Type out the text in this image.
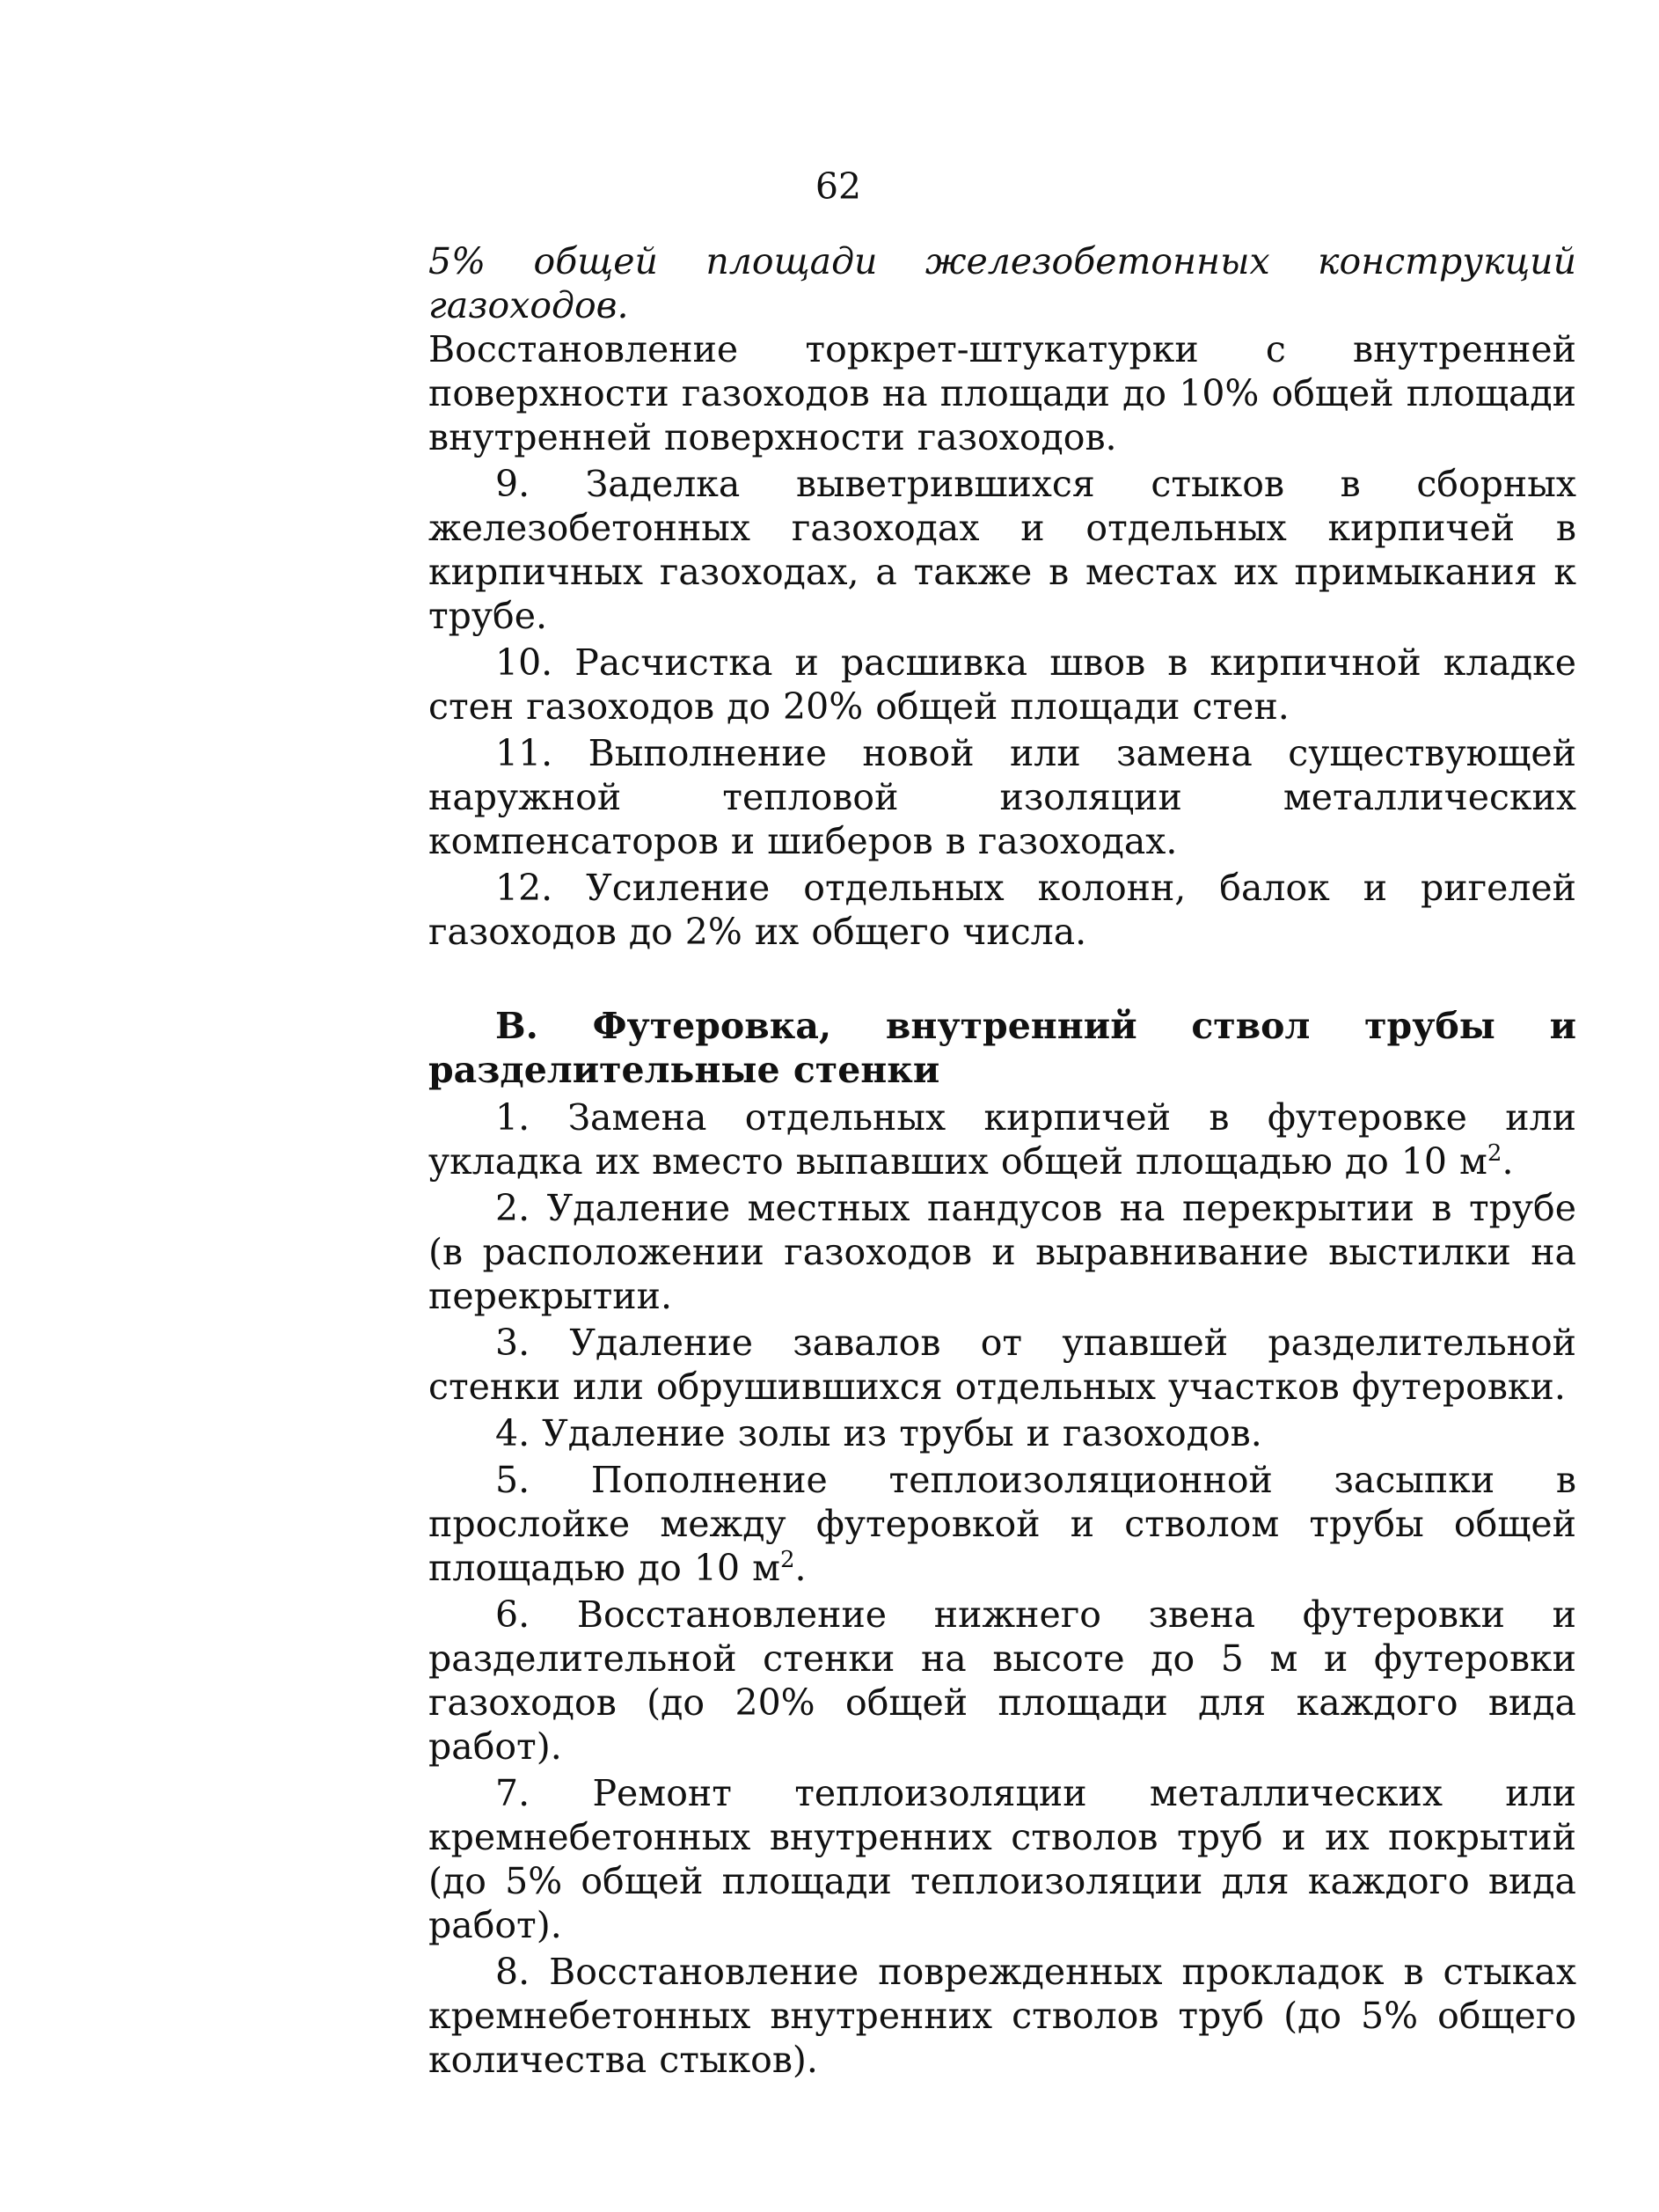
62

5% общей площади железобетонных конструкций газоходов.
Восстановление торкрет-штукатурки с внутренней поверхности газоходов на площади до 10% общей площади внутренней поверхности газоходов.

9. Заделка выветрившихся стыков в сборных железобетонных газоходах и отдельных кирпичей в кирпичных газоходах, а также в местах их примыкания к трубе.

10. Расчистка и расшивка швов в кирпичной кладке стен газоходов до 20% общей площади стен.

11. Выполнение новой или замена существующей наружной тепловой изоляции металлических компенсаторов и шиберов в газоходах.

12. Усиление отдельных колонн, балок и ригелей газоходов до 2% их общего числа.

В. Футеровка, внутренний ствол трубы и разделительные стенки

1. Замена отдельных кирпичей в футеровке или укладка их вместо выпавших общей площадью до 10 $м^2$.

2. Удаление местных пандусов на перекрытии в трубе (в расположении газоходов и выравнивание выстилки на перекрытии.

3. Удаление завалов от упавшей разделительной стенки или обрушившихся отдельных участков футеровки.

4. Удаление золы из трубы и газоходов.

5. Пополнение теплоизоляционной засыпки в прослойке между футеровкой и стволом трубы общей площадью до 10 $м^2$.

6. Восстановление нижнего звена футеровки и разделительной стенки на высоте до 5 м и футеровки газоходов (до 20% общей площади для каждого вида работ).

7. Ремонт теплоизоляции металлических или кремнебетонных внутренних стволов труб и их покрытий (до 5% общей площади теплоизоляции для каждого вида работ).

8. Восстановление поврежденных прокладок в стыках кремнебетонных внутренних стволов труб (до 5% общего количества стыков).
